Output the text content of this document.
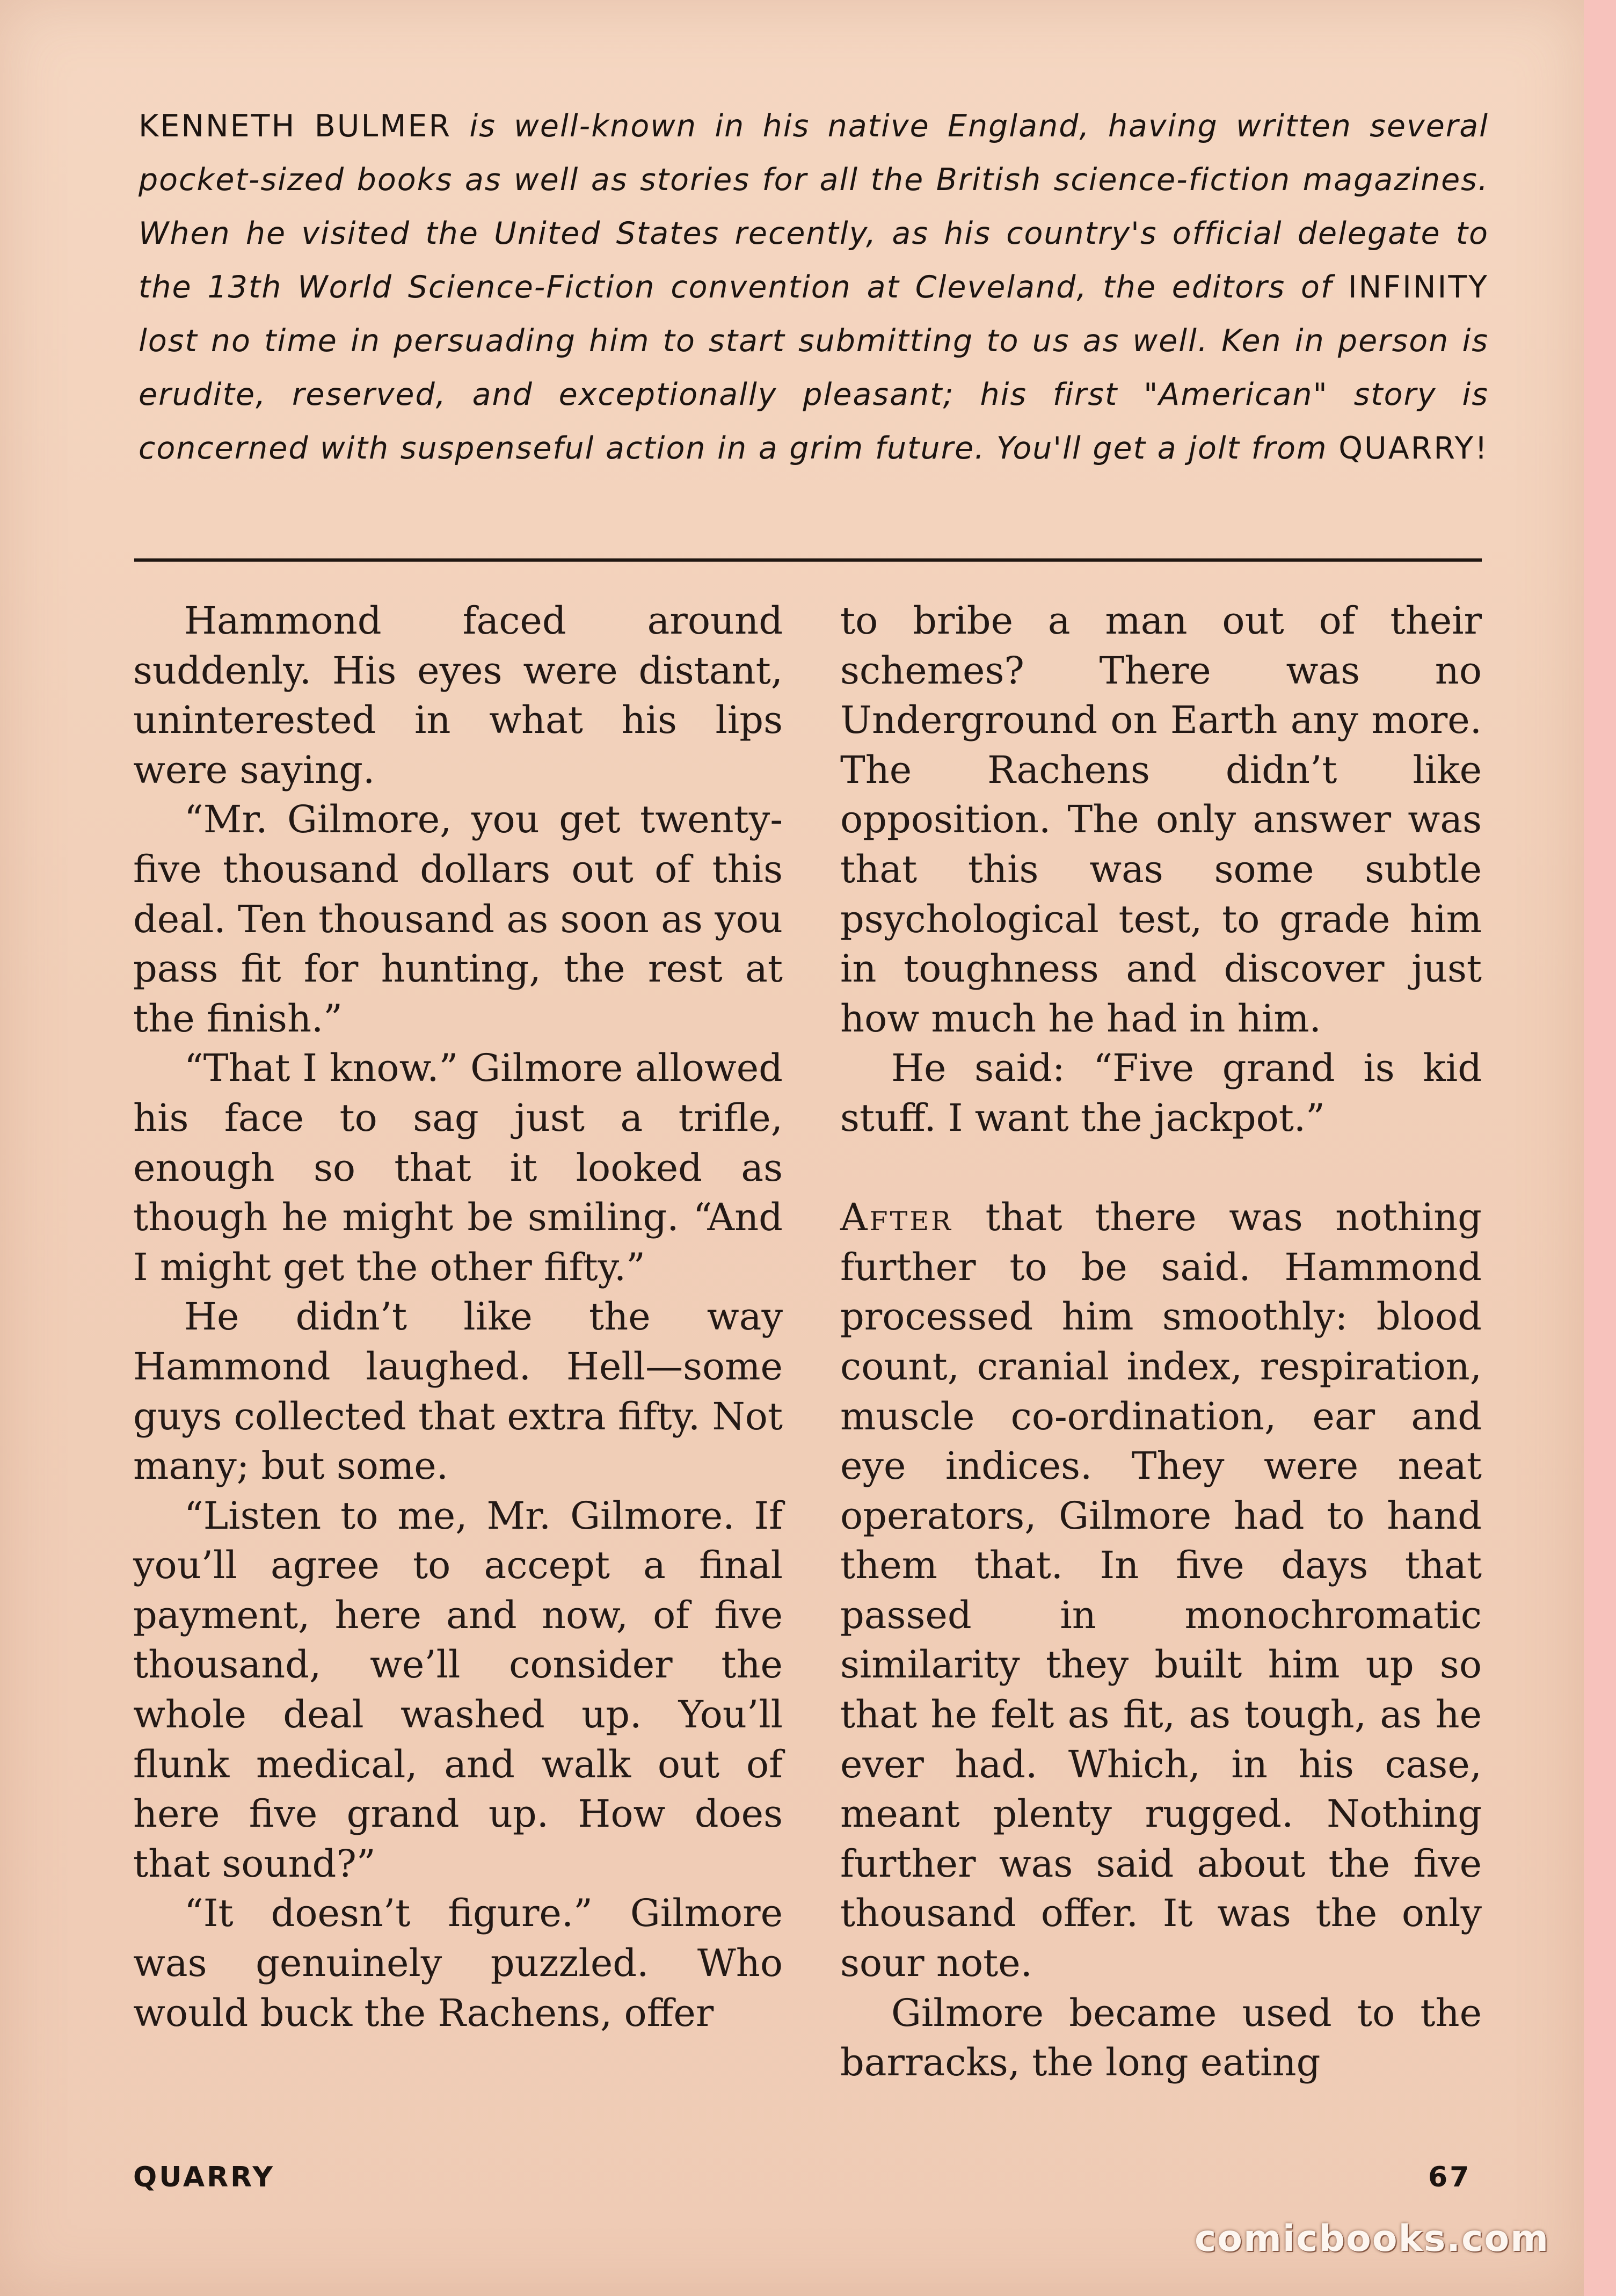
KENNETH BULMER is well-known in his native England, having written several pocket-sized books as well as stories for all the British science-fiction magazines. When he visited the United States recently, as his country's official delegate to the 13th World Science-Fiction convention at Cleveland, the editors of INFINITY lost no time in persuading him to start submitting to us as well. Ken in person is erudite, reserved, and exceptionally pleasant; his first "American" story is concerned with suspenseful action in a grim future. You'll get a jolt from QUARRY!

Hammond faced around suddenly. His eyes were distant, uninterested in what his lips were saying.

“Mr. Gilmore, you get twenty-five thousand dollars out of this deal. Ten thousand as soon as you pass fit for hunting, the rest at the finish.”

“That I know.” Gilmore allowed his face to sag just a trifle, enough so that it looked as though he might be smiling. “And I might get the other fifty.”

He didn’t like the way Hammond laughed. Hell—some guys collected that extra fifty. Not many; but some.

“Listen to me, Mr. Gilmore. If you’ll agree to accept a final payment, here and now, of five thousand, we’ll consider the whole deal washed up. You’ll flunk medical, and walk out of here five grand up. How does that sound?”

“It doesn’t figure.” Gilmore was genuinely puzzled. Who would buck the Rachens, offer

to bribe a man out of their schemes? There was no Underground on Earth any more. The Rachens didn’t like opposition. The only answer was that this was some subtle psychological test, to grade him in toughness and discover just how much he had in him.

He said: “Five grand is kid stuff. I want the jackpot.”

After that there was nothing further to be said. Hammond processed him smoothly: blood count, cranial index, respiration, muscle co-ordination, ear and eye indices. They were neat operators, Gilmore had to hand them that. In five days that passed in monochromatic similarity they built him up so that he felt as fit, as tough, as he ever had. Which, in his case, meant plenty rugged. Nothing further was said about the five thousand offer. It was the only sour note.

Gilmore became used to the barracks, the long eating

QUARRY	67
comicbooks.com
